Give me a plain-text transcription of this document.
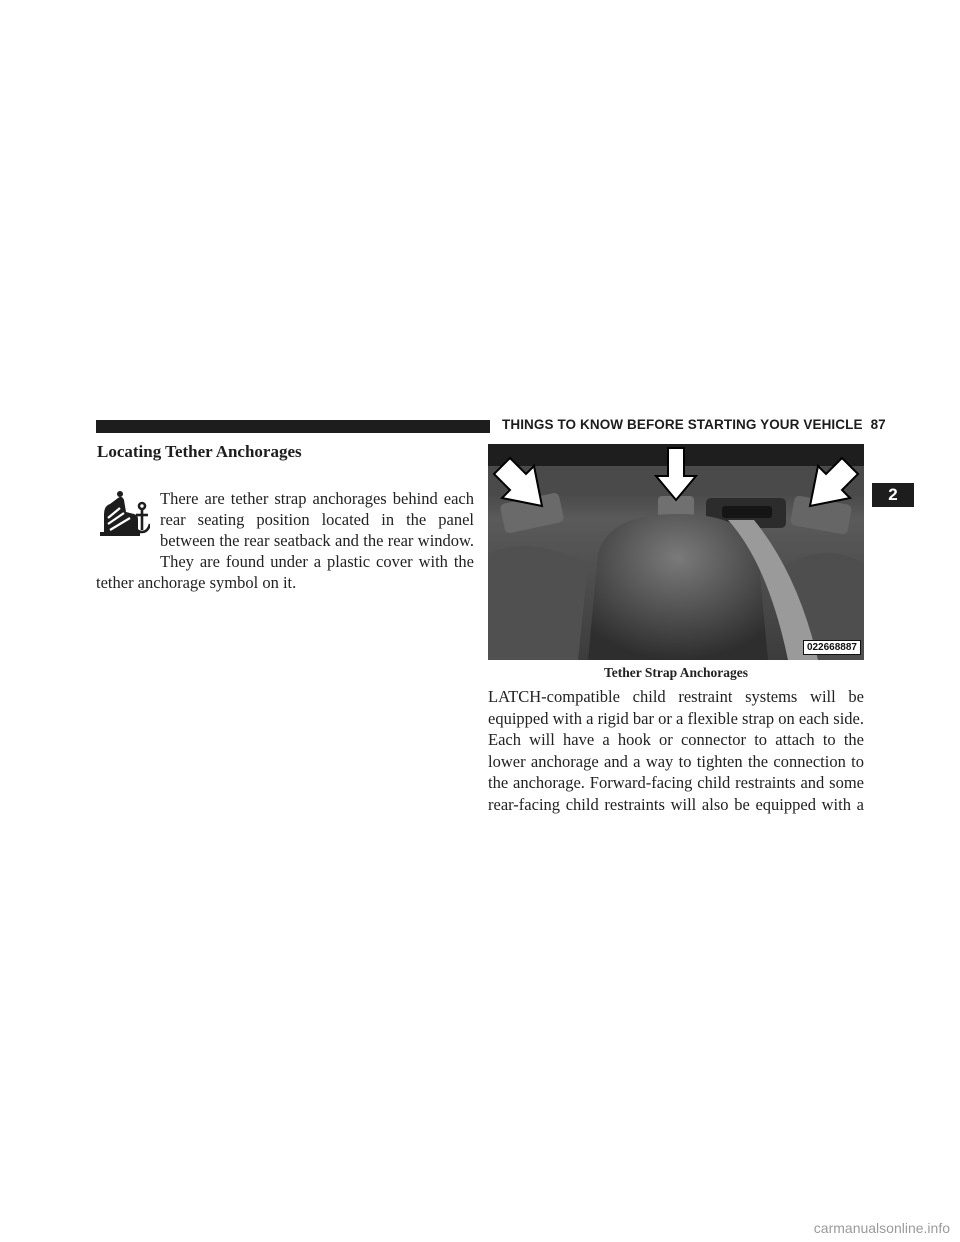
THINGS TO KNOW BEFORE STARTING YOUR VEHICLE 87
2
Locating Tether Anchorages
There are tether strap anchorages behind each rear seating position located in the panel between the rear seatback and the rear window. They are found under a plastic cover with the tether anchorage symbol on it.
022668887
Tether Strap Anchorages
LATCH-compatible child restraint systems will be equipped with a rigid bar or a flexible strap on each side. Each will have a hook or connector to attach to the lower anchorage and a way to tighten the connection to the anchorage. Forward-facing child restraints and some rear-facing child restraints will also be equipped with a
carmanualsonline.info
